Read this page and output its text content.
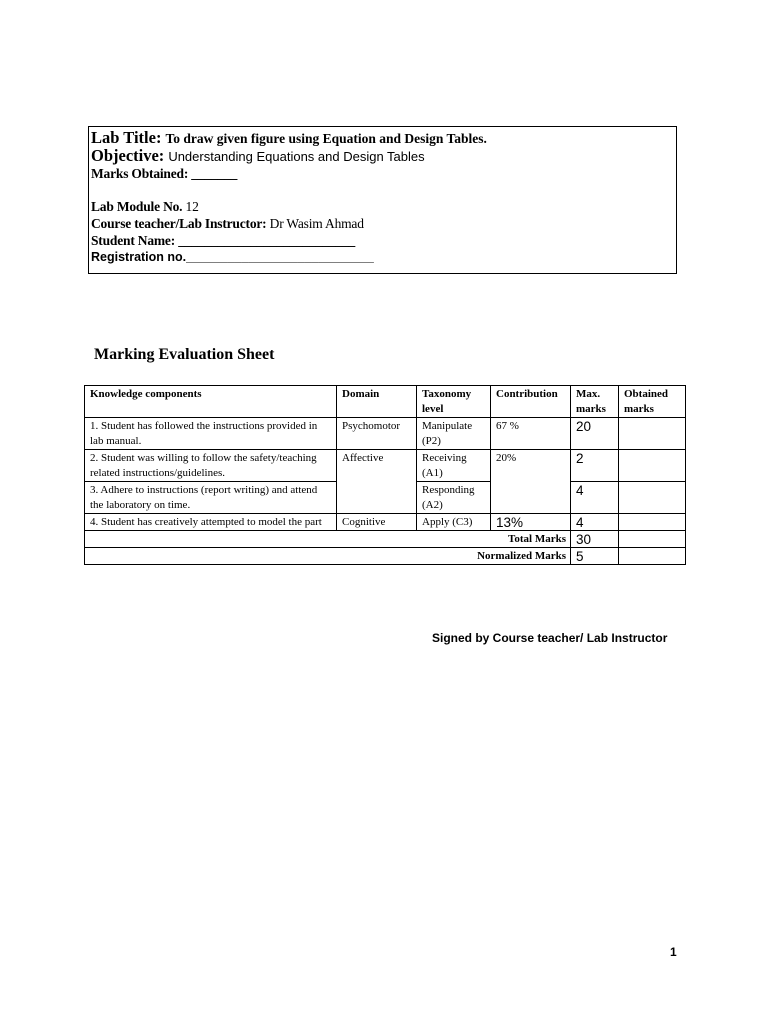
Lab Title: To draw given figure using Equation and Design Tables.
Objective: Understanding Equations and Design Tables
Marks Obtained: _______
Lab Module No. 12
Course teacher/Lab Instructor: Dr Wasim Ahmad
Student Name: ___________________________
Registration no.___________________________
Marking Evaluation Sheet
Knowledge components	Domain	Taxonomy level	Contribution	Max. marks	Obtained marks
1. Student has followed the instructions provided in lab manual.	Psychomotor	Manipulate (P2)	67 %	20	
2. Student was willing to follow the safety/teaching related instructions/guidelines.	Affective	Receiving (A1)	20%	2	
3. Adhere to instructions (report writing) and attend the laboratory on time.		Responding (A2)		4	
4. Student has creatively attempted to model the part	Cognitive	Apply (C3)	13%	4	
Total Marks				30	
Normalized Marks				5	
Signed by Course teacher/ Lab Instructor
1
